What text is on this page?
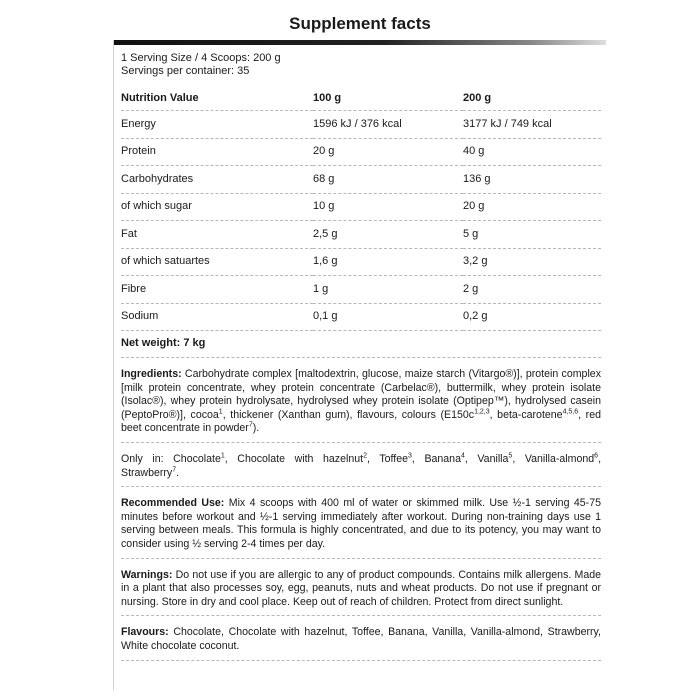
Supplement facts
1 Serving Size / 4 Scoops: 200 g
Servings per container: 35
Nutrition Value	100 g	200 g
Energy	1596 kJ / 376 kcal	3177 kJ / 749 kcal
Protein	20 g	40 g
Carbohydrates	68 g	136 g
of which sugar	10 g	20 g
Fat	2,5 g	5 g
of which satuartes	1,6 g	3,2 g
Fibre	1 g	2 g
Sodium	0,1 g	0,2 g
Net weight: 7 kg
Ingredients: Carbohydrate complex [maltodextrin, glucose, maize starch (Vitargo®)], protein complex [milk protein concentrate, whey protein concentrate (Carbelac®), buttermilk, whey protein isolate (Isolac®), whey protein hydrolysate, hydrolysed whey protein isolate (Optipep™), hydrolysed casein (PeptoPro®)], cocoa$^1$, thickener (Xanthan gum), flavours, colours ($E150c^{1,2,3}$, beta-carotene$^{4,5,6}$, red beet concentrate in powder$^7$).
Only in: Chocolate$^1$, Chocolate with hazelnut$^2$, Toffee$^3$, Banana$^4$, Vanilla$^5$, Vanilla-almond$^6$, Strawberry$^7$.
Recommended Use: Mix 4 scoops with 400 ml of water or skimmed milk. Use ½-1 serving 45-75 minutes before workout and ½-1 serving immediately after workout. During non-training days use 1 serving between meals. This formula is highly concentrated, and due to its potency, you may want to consider using ½ serving 2-4 times per day.
Warnings: Do not use if you are allergic to any of product compounds. Contains milk allergens. Made in a plant that also processes soy, egg, peanuts, nuts and wheat products. Do not use if pregnant or nursing. Store in dry and cool place. Keep out of reach of children. Protect from direct sunlight.
Flavours: Chocolate, Chocolate with hazelnut, Toffee, Banana, Vanilla, Vanilla-almond, Strawberry, White chocolate coconut.
